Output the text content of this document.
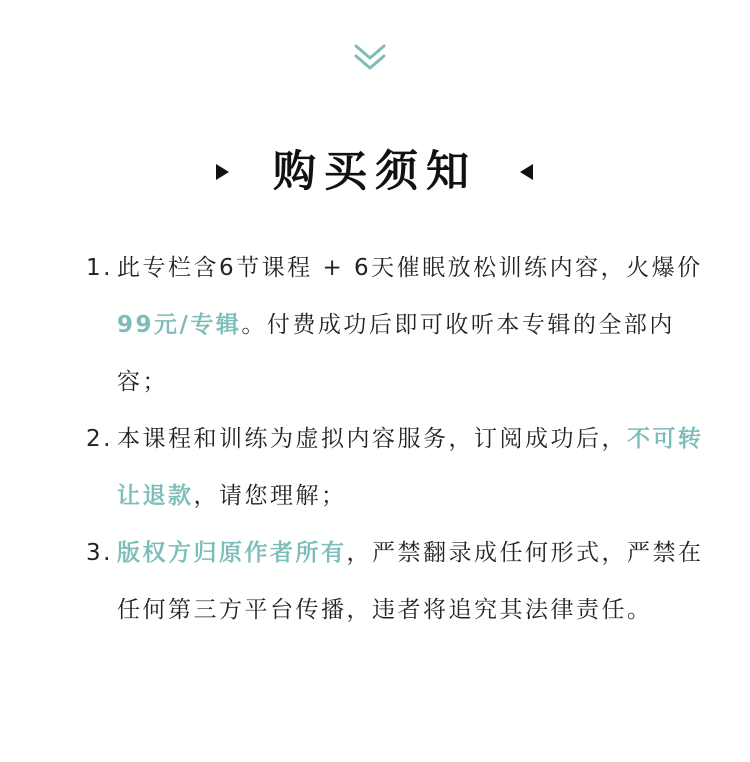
购买须知
1. 此专栏含6节课程 + 6天催眠放松训练内容，火爆价99元/专辑。付费成功后即可收听本专辑的全部内容；
2. 本课程和训练为虚拟内容服务，订阅成功后，不可转让退款，请您理解；
3. 版权方归原作者所有，严禁翻录成任何形式，严禁在任何第三方平台传播，违者将追究其法律责任。
